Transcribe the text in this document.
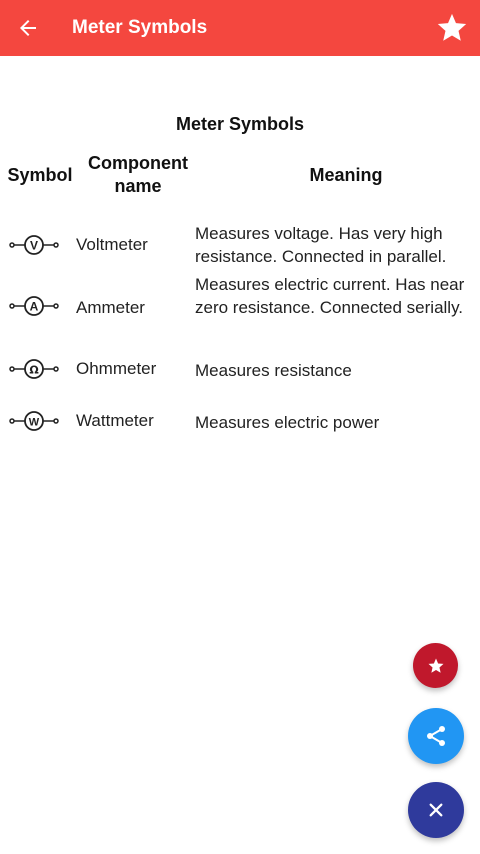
Meter Symbols
Meter Symbols
Symbol
Component name
Meaning
V Voltmeter
Measures voltage. Has very high resistance. Connected in parallel.
A Ammeter
Measures electric current. Has near zero resistance. Connected serially.
Ω Ohmmeter Measures resistance
W Wattmeter Measures electric power
